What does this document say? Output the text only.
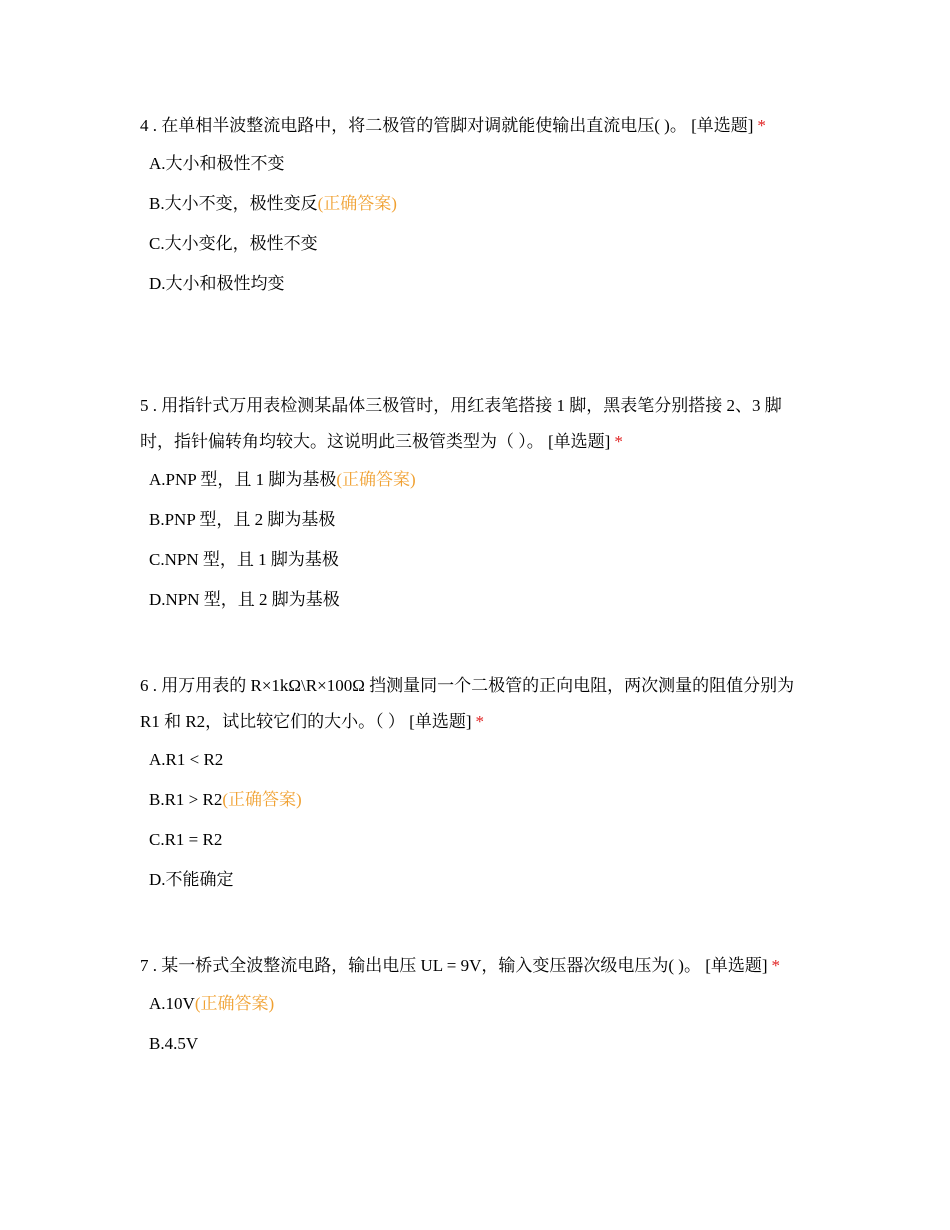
4 . 在单相半波整流电路中，将二极管的管脚对调就能使输出直流电压( )。 [单选题] *

A.大小和极性不变
B.大小不变，极性变反(正确答案)
C.大小变化，极性不变
D.大小和极性均变

5 . 用指针式万用表检测某晶体三极管时，用红表笔搭接 1 脚，黑表笔分别搭接 2、3 脚时，指针偏转角均较大。这说明此三极管类型为（ ）。 [单选题] *

A.PNP 型，且 1 脚为基极(正确答案)
B.PNP 型，且 2 脚为基极
C.NPN 型，且 1 脚为基极
D.NPN 型，且 2 脚为基极

6 . 用万用表的 R×1kΩ\R×100Ω 挡测量同一个二极管的正向电阻，两次测量的阻值分别为 R1 和 R2，试比较它们的大小。（ ） [单选题] *

A.R1 < R2
B.R1 > R2(正确答案)
C.R1 = R2
D.不能确定

7 . 某一桥式全波整流电路，输出电压 UL = 9V，输入变压器次级电压为( )。 [单选题] *

A.10V(正确答案)
B.4.5V
